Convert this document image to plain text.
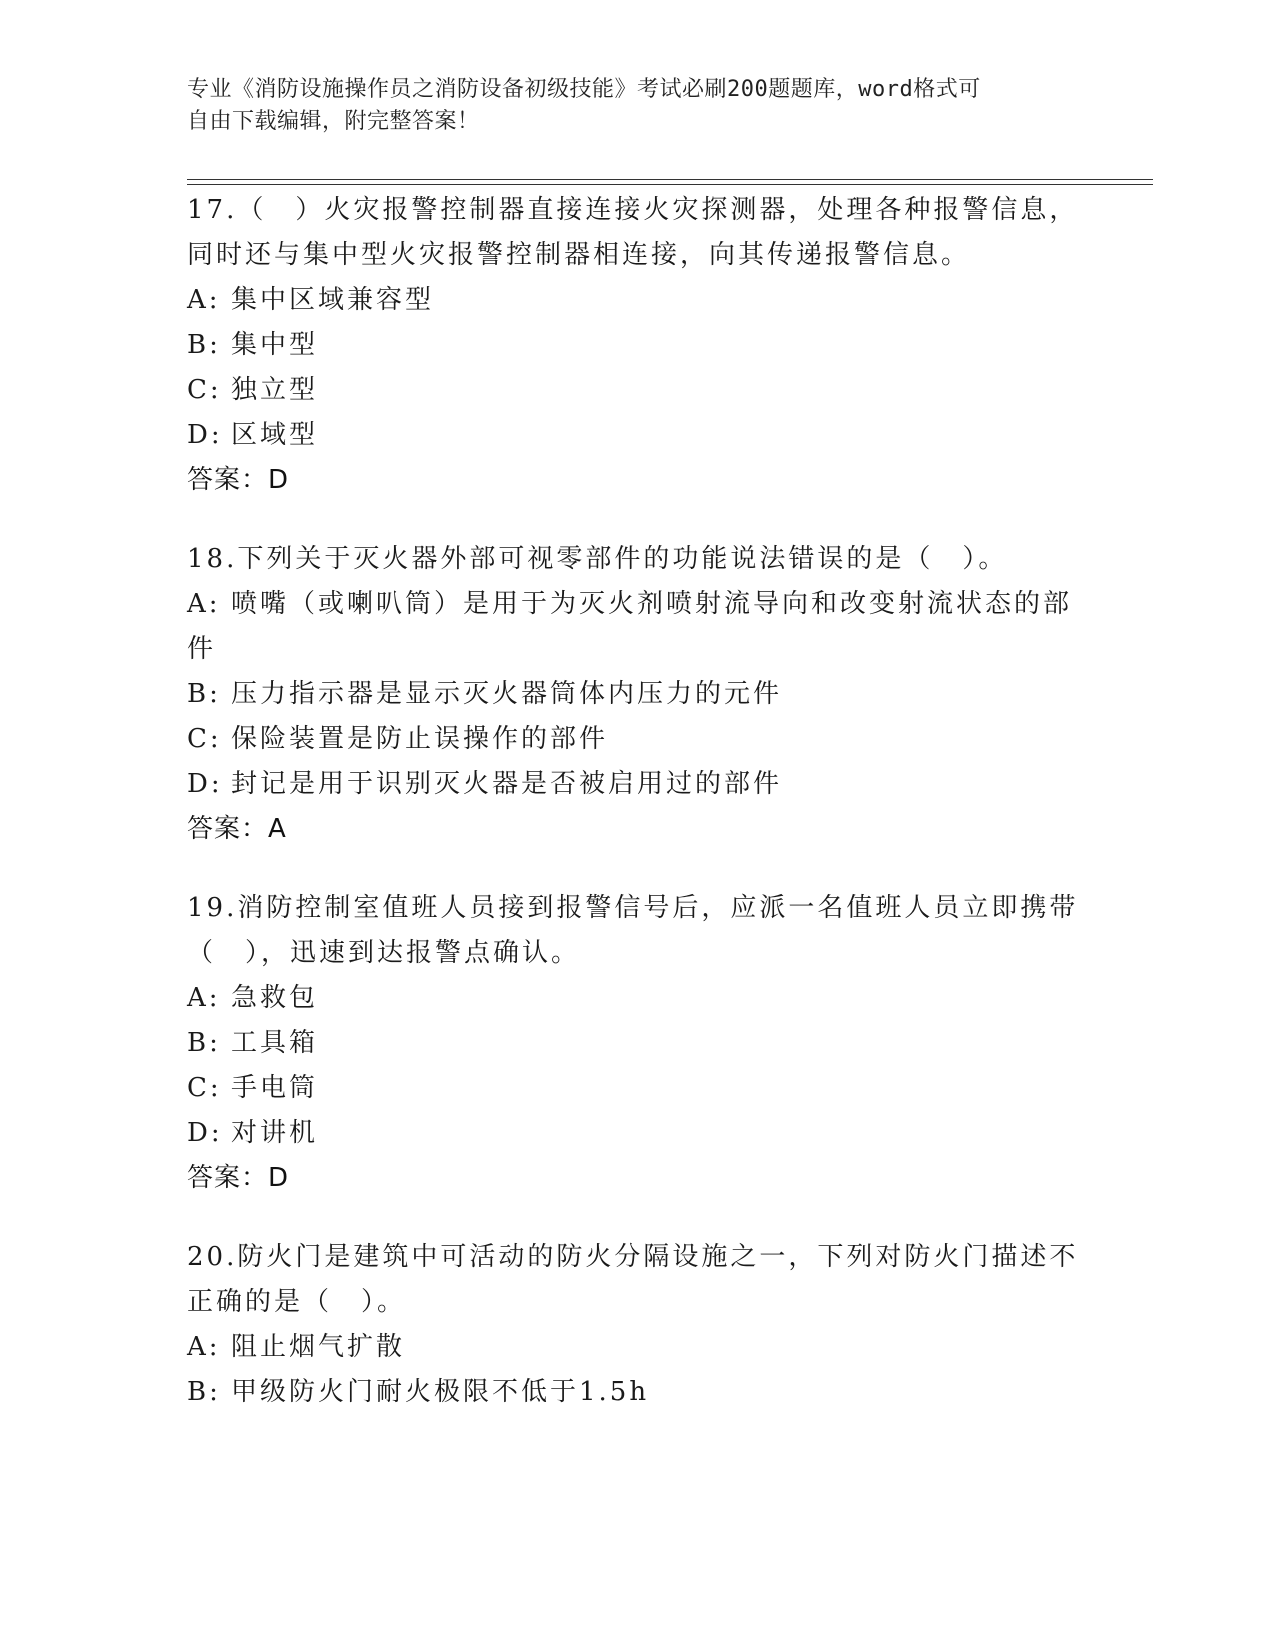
专业《消防设施操作员之消防设备初级技能》考试必刷200题题库，word格式可
自由下载编辑，附完整答案！
17.（　）火灾报警控制器直接连接火灾探测器，处理各种报警信息，同时还与集中型火灾报警控制器相连接，向其传递报警信息。
A: 集中区域兼容型
B: 集中型
C: 独立型
D: 区域型
答案：D
18.下列关于灭火器外部可视零部件的功能说法错误的是（　）。
A: 喷嘴（或喇叭筒）是用于为灭火剂喷射流导向和改变射流状态的部件
B: 压力指示器是显示灭火器筒体内压力的元件
C: 保险装置是防止误操作的部件
D: 封记是用于识别灭火器是否被启用过的部件
答案：A
19.消防控制室值班人员接到报警信号后，应派一名值班人员立即携带（　），迅速到达报警点确认。
A: 急救包
B: 工具箱
C: 手电筒
D: 对讲机
答案：D
20.防火门是建筑中可活动的防火分隔设施之一，下列对防火门描述不正确的是（　）。
A: 阻止烟气扩散
B: 甲级防火门耐火极限不低于1.5h
